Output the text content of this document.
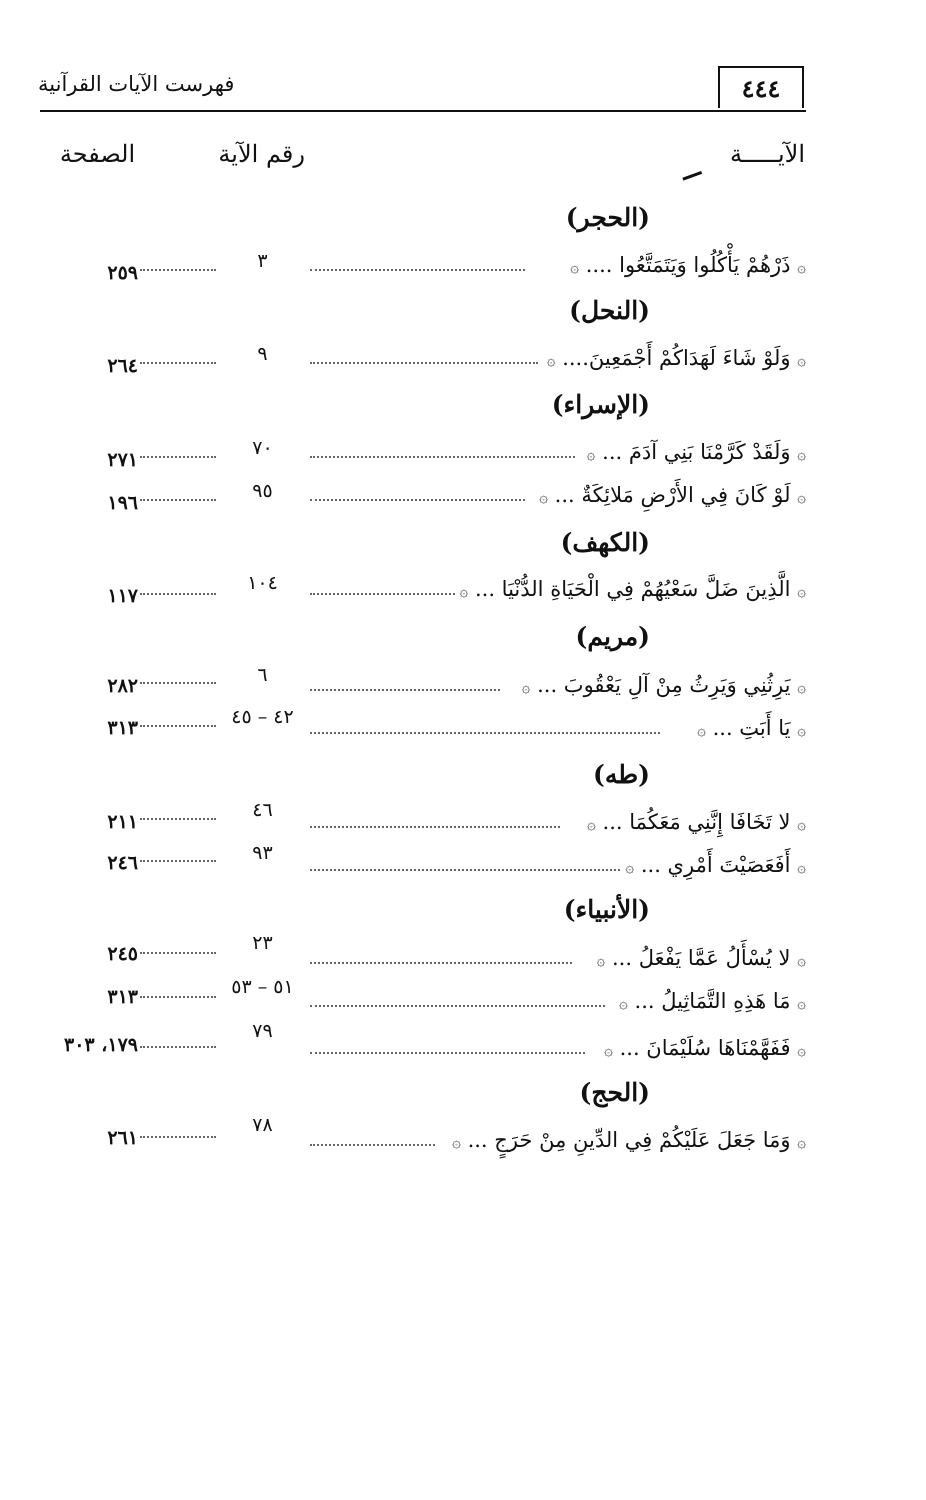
٤٤٤
فهرست الآيات القرآنية
الآيـــــة
رقم الآية
الصفحة
(الحجر)
(النحل)
(الإسراء)
(الكهف)
(مريم)
(طه)
(الأنبياء)
(الحج)
۞ ذَرْهُمْ يَأْكُلُوا وَيَتَمَتَّعُوا .... ۞
٣
٢٥٩
۞ وَلَوْ شَاءَ لَهَدَاكُمْ أَجْمَعِينَ.... ۞
٩
٢٦٤
۞ وَلَقَدْ كَرَّمْنَا بَنِي آدَمَ ... ۞
٧٠
٢٧١
۞ لَوْ كَانَ فِي الأَرْضِ مَلائِكَةٌ ... ۞
٩٥
١٩٦
۞ الَّذِينَ ضَلَّ سَعْيُهُمْ فِي الْحَيَاةِ الدُّنْيَا ... ۞
١٠٤
١١٧
۞ يَرِثُنِي وَيَرِثُ مِنْ آلِ يَعْقُوبَ ... ۞
٦
٢٨٢
۞ يَا أَبَتِ ... ۞
٤٢ – ٤٥
٣١٣
۞ لا تَخَافَا إِنَّنِي مَعَكُمَا ... ۞
٤٦
٢١١
۞ أَفَعَصَيْتَ أَمْرِي ... ۞
٩٣
٢٤٦
۞ لا يُسْأَلُ عَمَّا يَفْعَلُ ... ۞
٢٣
٢٤٥
۞ مَا هَذِهِ التَّمَاثِيلُ ... ۞
٥١ – ٥٣
٣١٣
۞ فَفَهَّمْنَاهَا سُلَيْمَانَ ... ۞
٧٩
١٧٩، ٣٠٣
۞ وَمَا جَعَلَ عَلَيْكُمْ فِي الدِّينِ مِنْ حَرَجٍ ... ۞
٧٨
٢٦١
